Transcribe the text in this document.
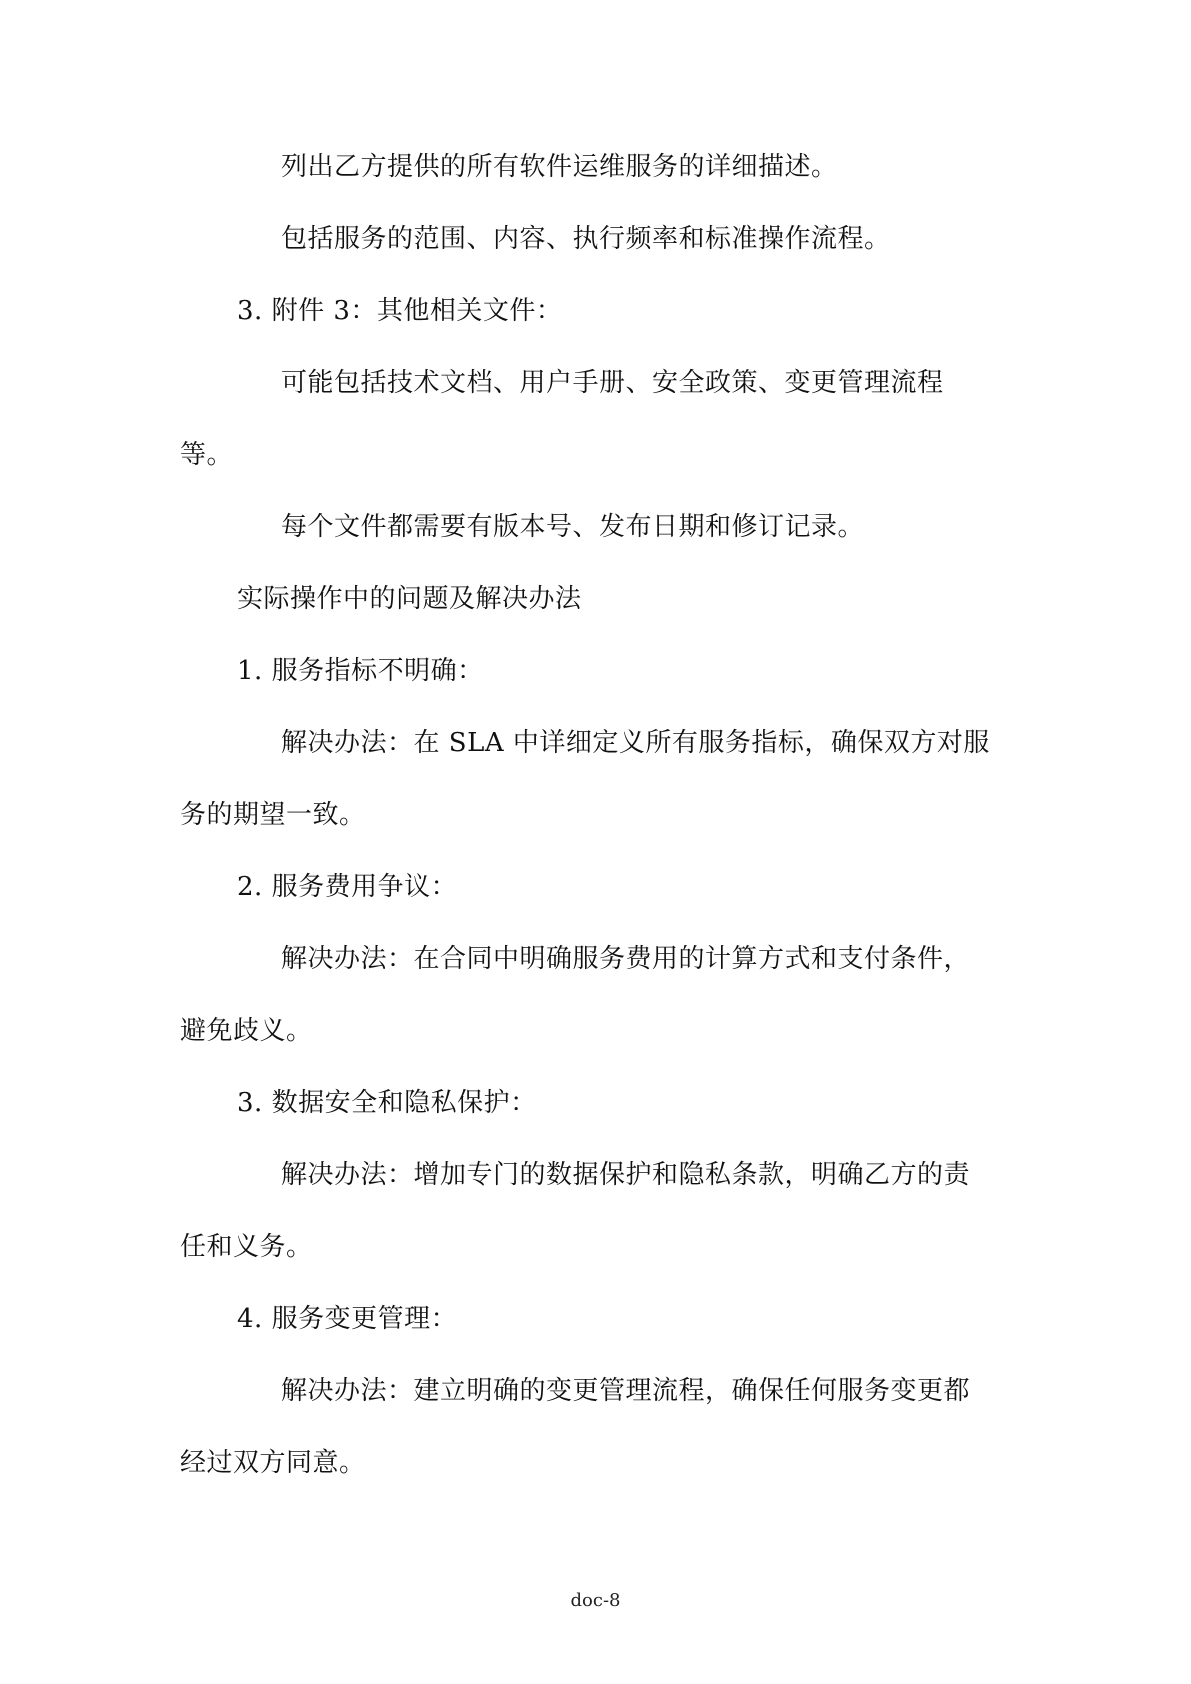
列出乙方提供的所有软件运维服务的详细描述。
包括服务的范围、内容、执行频率和标准操作流程。
3. 附件 3：其他相关文件：
可能包括技术文档、用户手册、安全政策、变更管理流程
等。
每个文件都需要有版本号、发布日期和修订记录。
实际操作中的问题及解决办法
1. 服务指标不明确：
解决办法：在 SLA 中详细定义所有服务指标，确保双方对服
务的期望一致。
2. 服务费用争议：
解决办法：在合同中明确服务费用的计算方式和支付条件，
避免歧义。
3. 数据安全和隐私保护：
解决办法：增加专门的数据保护和隐私条款，明确乙方的责
任和义务。
4. 服务变更管理：
解决办法：建立明确的变更管理流程，确保任何服务变更都
经过双方同意。
doc-8
